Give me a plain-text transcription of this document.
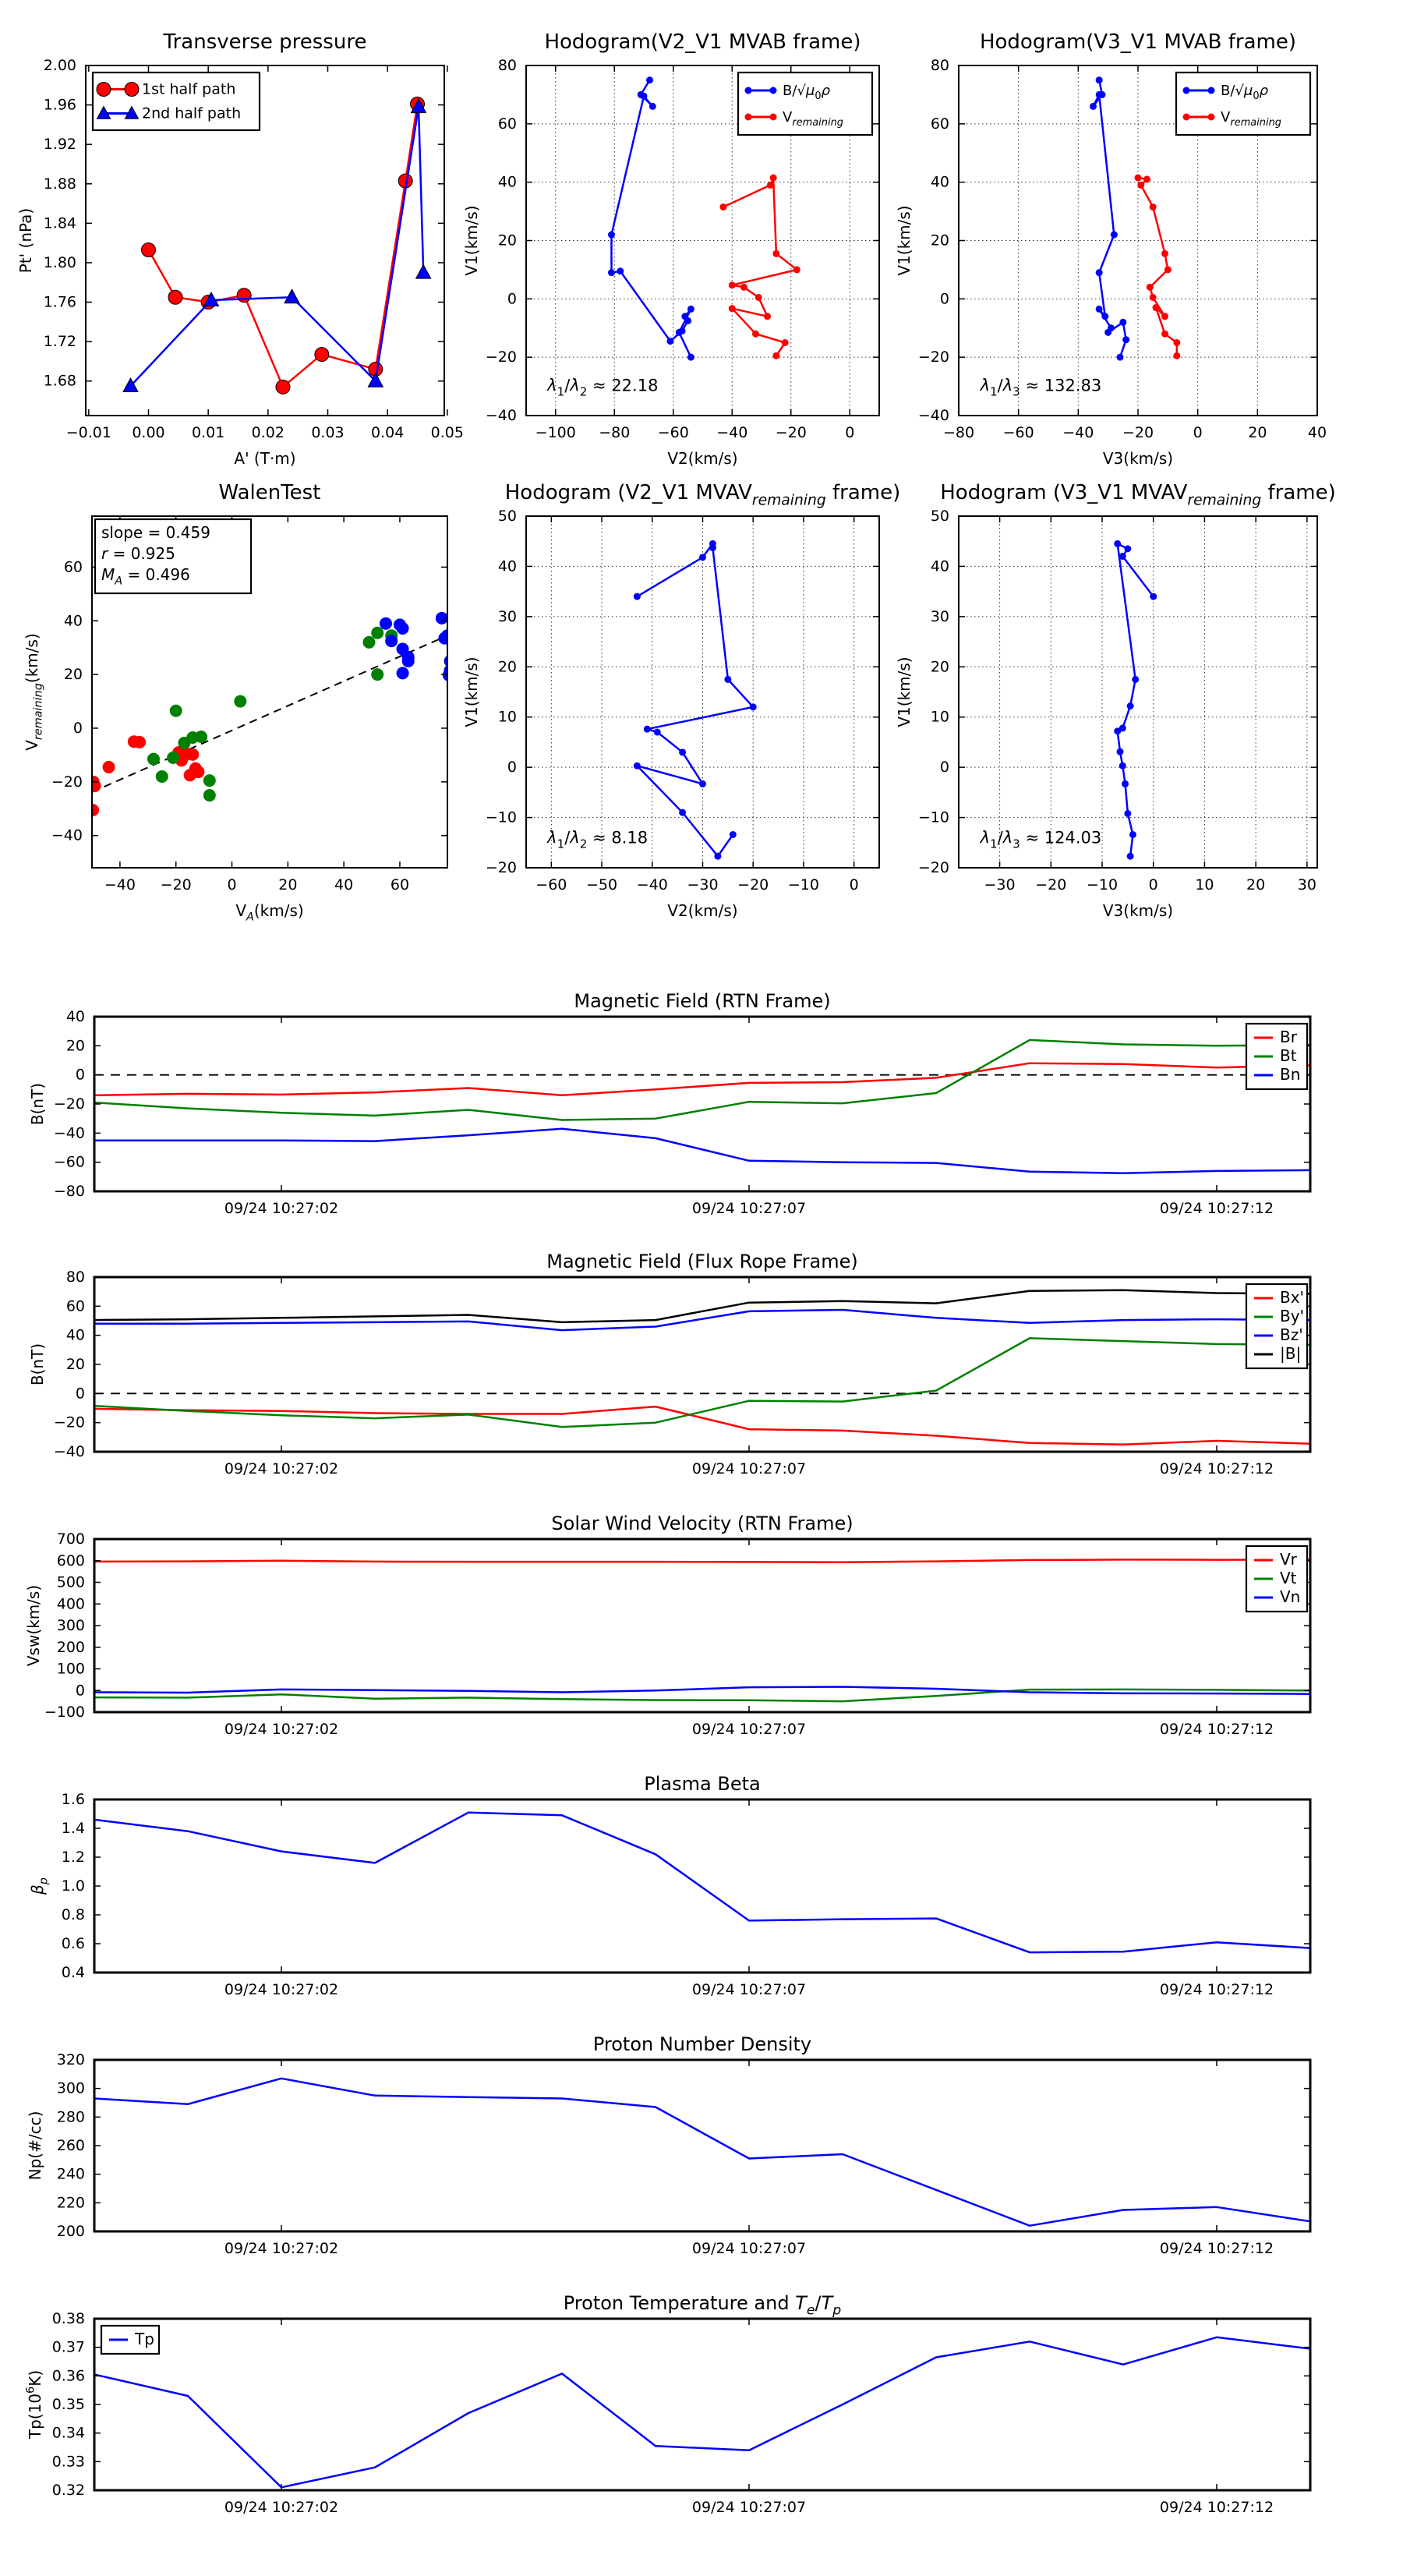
−0.01 0.00 0.01 0.02 0.03 0.04 0.05
1.68
1.72
1.76
1.80
1.84
1.88
1.92
1.96
2.00
Transverse pressure
A' (T·m)
Pt' (nPa)
1st half path
2nd half path
−100 −80 −60 −40 −20	0
−40
−20
0
20
40
60
80
Hodogram(V2_V1 MVAB frame)
V2(km/s)
V1(km/s)
$B/√\mu_0\rho$
$V_{remaining}$
$\lambda_1/\lambda_2 \approx 22.18$
−80 −60 −40 −20	0	20	40
−40
−20
0
20
40
60
80
Hodogram(V3_V1 MVAB frame)
V3(km/s)
V1(km/s)
$B/√\mu_0\rho$
$V_{remaining}$
$\lambda_1/\lambda_3 \approx 132.83$
−40 −20 0	20	40	60
−40
−20
0
20
40
60
WalenTest
$V_A(km/s)$
$V_{remaining}(km/s)$
slope = 0.459
r = 0.925
$M_A = 0.496$
−60 −50 −40 −30 −20 −10 0
−20
−10
0
10
20
30
40
50
Hodogram (V2_V1 $MVAV_{remaining}$ frame)
V2(km/s)
V1(km/s)
$\lambda_1/\lambda_2 \approx 8.18$
−30 −20 −10 0	10 20 30
−20
−10
0
10
20
30
40
50
Hodogram (V3_V1 $MVAV_{remaining}$ frame)
V3(km/s)
V1(km/s)
$\lambda_1/\lambda_3 \approx 124.03$
09/24 10:27:02	09/24 10:27:07	09/24 10:27:12
−80
−60
−40
−20
0
20
40
Magnetic Field (RTN Frame)
B(nT)
Br
Bt
Bn
09/24 10:27:02	09/24 10:27:07	09/24 10:27:12
−40
−20
0
20
40
60
80
Magnetic Field (Flux Rope Frame)
B(nT)
Bx'
By'
Bz'
|B|
09/24 10:27:02	09/24 10:27:07	09/24 10:27:12
−100
0
100
200
300
400
500
600
700
Solar Wind Velocity (RTN Frame)
Vsw(km/s)
Vr
Vt
Vn
09/24 10:27:02	09/24 10:27:07	09/24 10:27:12
0.4
0.6
0.8
1.0
1.2
1.4
1.6
Plasma Beta
$\beta_p$
09/24 10:27:02	09/24 10:27:07	09/24 10:27:12
200
220
240
260
280
300
320
Proton Number Density
Np(#/cc)
09/24 10:27:02	09/24 10:27:07	09/24 10:27:12
0.32
0.33
0.34
0.35
0.36
0.37
0.38
Proton Temperature and $T_e/T_p$
$Tp(10^6K)$
Tp
